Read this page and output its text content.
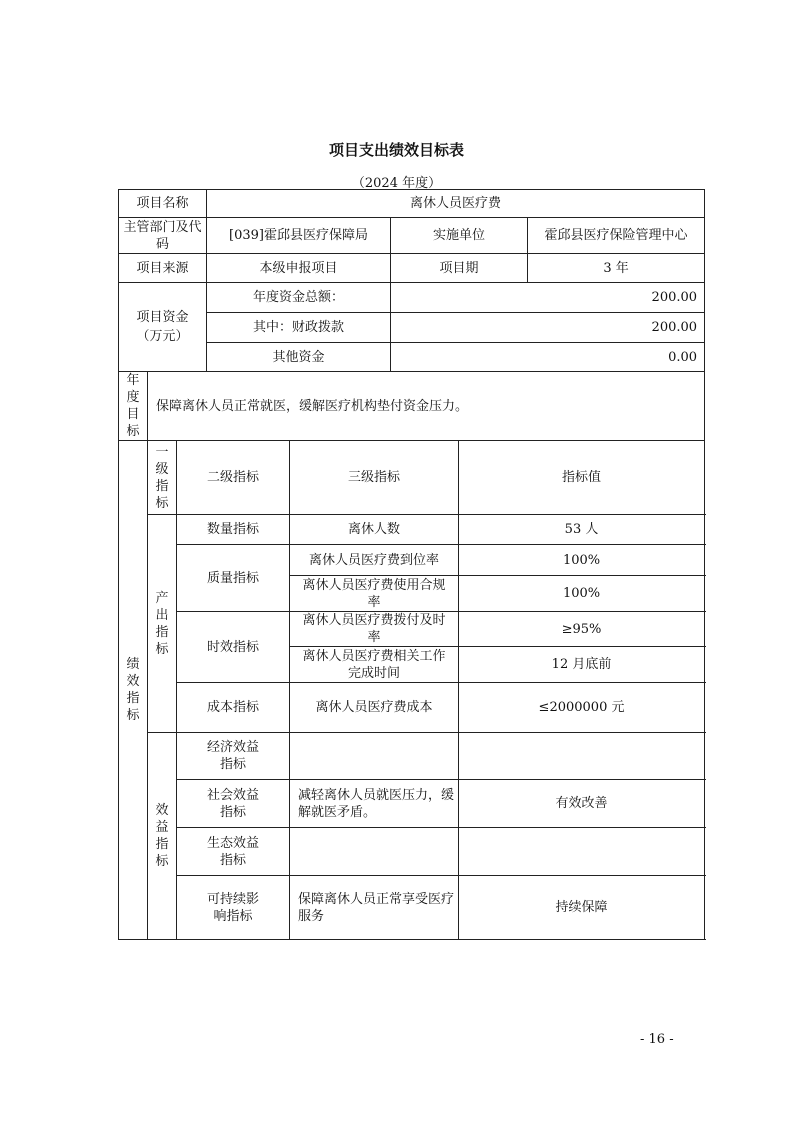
项目支出绩效目标表
（2024 年度）
项目名称			离休人员医疗费				
主管部门及代码			[039]霍邱县医疗保障局		实施单位		霍邱县医疗保险管理中心
项目来源			本级申报项目		项目期		3 年

项目资金（万元）			年度资金总额：		200.00		
			其中：财政拨款		200.00		
			其他资金		0.00		

年度目标	保障离休人员正常就医，缓解医疗机构垫付资金压力。						

绩效指标	一级指标	二级指标		三级指标		指标值	

	产出指标	数量指标		离休人数		53 人	
		质量指标		离休人员医疗费到位率		100%	

				离休人员医疗费使用合规率		100%	
		时效指标		离休人员医疗费拨付及时率		≥95%	

				离休人员医疗费相关工作完成时间		12 月底前	
		成本指标		离休人员医疗费成本		≤2000000 元	

	效益指标	经济效益指标					

		社会效益指标		减轻离休人员就医压力，缓解就医矛盾。		有效改善	

		生态效益指标					

		可持续影响指标		保障离休人员正常享受医疗服务		持续保障	
- 16 -
